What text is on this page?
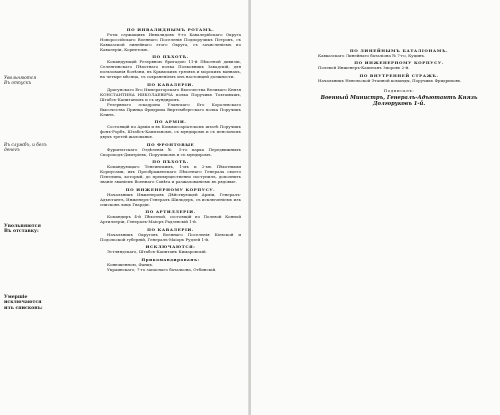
ПО ИНВАЛИДНЫМЪ РОТАМЪ.

Роты служащихъ Инвалидовъ 9-го Кавалерійскаго Округа Новороссійскаго Военнаго Поселенія Подпоручикъ Петровъ, съ Кавказской линейнаго этого Округа, съ зачисленіемъ по Кавалеріи, Корнетомъ.

ПО ПѢХОТѢ.

Командующій Резервною бригадою 11-й Пѣхотной дивизіи, Селенгинскаго Пѣхотнаго полка Полковникъ Завадскій, для пользованія болѣзни, въ Крымскихъ грязяхъ и морскихъ ваннахъ, на четыре мѣсяца, съ сохраненіемъ онъ настоящей должности.

ПО КАВАЛЕРІИ.

Драгунскаго Его Императорскаго Высочества Великаго Князя КОНСТАНТИНА НИКОЛАЕВИЧА полка Поручикъ Тохтамышъ, Штабсъ-Капитаномъ и съ мундиромъ.

Резервнаго эскадрона Уланскаго Его Королевскаго Высочества Принца Фридриха Виртембергскаго полка Поручикъ Клинъ.

ПО АРМІИ.

Состоящій по Арміи и въ Коммиссаріатскомъ штатѣ Поручикъ фонъ-Рорбъ, Штабсъ-Капитаномъ, съ мундиромъ и съ пенсіономъ двухъ третей жалованья.

ПО ФРОНТОВЫЕ

Фурштатскаго Отдѣленія № 5-го парка Передвижныхъ Скороходъ-Дмитріевъ, Поручикомъ и съ мундиромъ.

ПО ПѢХОТѢ.

Командующаго Тенгинскимъ, 1-мъ и 2-мъ Пѣхотными Корпусами, ихъ Преображенскаго Пѣхотнаго Генерала своего Пепелина, который, до преимущественно поступилъ, дополнить званіе званіемъ Военнаго Совѣта и разжалованіемъ въ рядовые.

ПО ИНЖЕНЕРНОМУ КОРПУСУ.

Начальникъ Инженеровъ Дѣйствующей Арміи, Генералъ-Адъютантъ, Инженеръ-Генералъ Шильдеръ, съ исключеніемъ изъ списковъ лицъ Гвардіи.

ПО АРТИЛЛЕРІИ.

Командиръ 4-й Пѣхотной, состоящій по Полевой Конной Артиллеріи, Генералъ-Маіоръ Радзевскій 1-й.

ПО КАВАЛЕРІИ.

Начальникъ Округовъ Военнаго Поселенія Кіевской и Подольской губерній, Генералъ-Маіоръ Рудзей 1-й.

ИСКЛЮЧАЮТСЯ:

Эстляндскаго, Штабсъ-Капитанъ Кимаровскій.

Прикомандированъ:

Конюшенною, Фанцъ.

Украинскаго, 7-го запаснаго батальона, Отбинскій.

Увольняются
Въ отпускъ
Въ службъ, и безъ денегъ
Увольняются
Въ отставку:
Умершіе
исключаются
изъ списковъ:
ПО ЛИНЕЙНЫМЪ БАТАЛІОНАМЪ.

Кавказскаго Линейнаго баталіона № 7-го, Куцинъ.

ПО ИНЖЕНЕРНОМУ КОРПУСУ.

Полевой Инженеръ-Капитанъ Зиоровъ 2-й.

ПО ВНУТРЕННЕЙ СТРАЖѢ.

Начальникъ Невельской Этапной команды, Поручикъ Фридриховъ.

Подписалъ:
Военный Министръ, Генералъ-Адъютантъ Князь Долгоруковъ 1-й.
